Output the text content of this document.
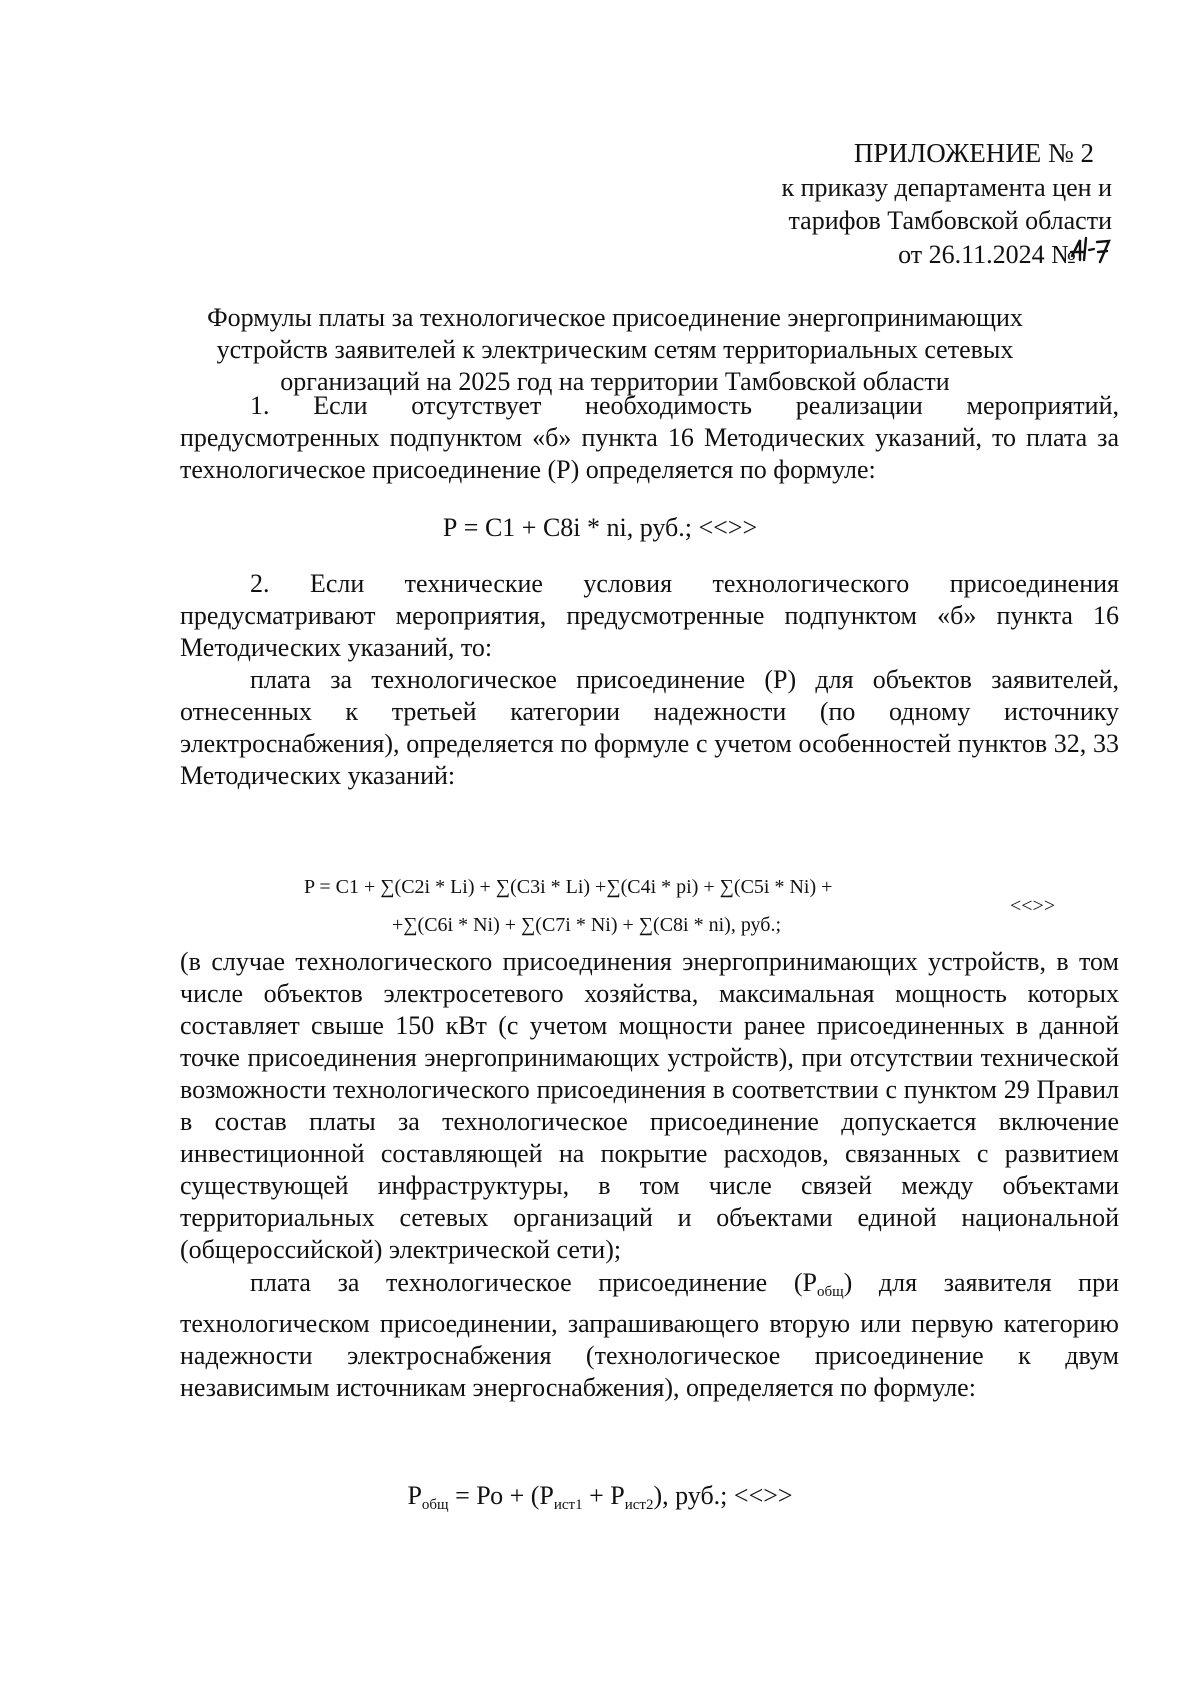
ПРИЛОЖЕНИЕ № 2
к приказу департамента цен и
тарифов Тамбовской области
от 26.11.2024 №
Формулы платы за технологическое присоединение энергопринимающих устройств заявителей к электрическим сетям территориальных сетевых организаций на 2025 год на территории Тамбовской области
1. Если отсутствует необходимость реализации мероприятий, предусмотренных подпунктом «б» пункта 16 Методических указаний, то плата за технологическое присоединение (Р) определяется по формуле:
Р = С1 + С8i * ni, руб.; <<>>
2. Если технические условия технологического присоединения предусматривают мероприятия, предусмотренные подпунктом «б» пункта 16 Методических указаний, то:
плата за технологическое присоединение (Р) для объектов заявителей, отнесенных к третьей категории надежности (по одному источнику электроснабжения), определяется по формуле с учетом особенностей пунктов 32, 33 Методических указаний:
P = C1 + ∑(C2i * Li) + ∑(C3i * Li) +∑(C4i * pi) + ∑(C5i * Ni) +
+∑(C6i * Ni) + ∑(C7i * Ni) + ∑(C8i * ni), руб.;
<<>>
(в случае технологического присоединения энергопринимающих устройств, в том числе объектов электросетевого хозяйства, максимальная мощность которых составляет свыше 150 кВт (с учетом мощности ранее присоединенных в данной точке присоединения энергопринимающих устройств), при отсутствии технической возможности технологического присоединения в соответствии с пунктом 29 Правил в состав платы за технологическое присоединение допускается включение инвестиционной составляющей на покрытие расходов, связанных с развитием существующей инфраструктуры, в том числе связей между объектами территориальных сетевых организаций и объектами единой национальной (общероссийской) электрической сети);
плата за технологическое присоединение $(Р_{общ})$ для заявителя при технологическом присоединении, запрашивающего вторую или первую категорию надежности электроснабжения (технологическое присоединение к двум независимым источникам энергоснабжения), определяется по формуле:
$Р_{общ}$ = Ро + $(Р_{ист1} + Р_{ист2})$, руб.; <<>>
